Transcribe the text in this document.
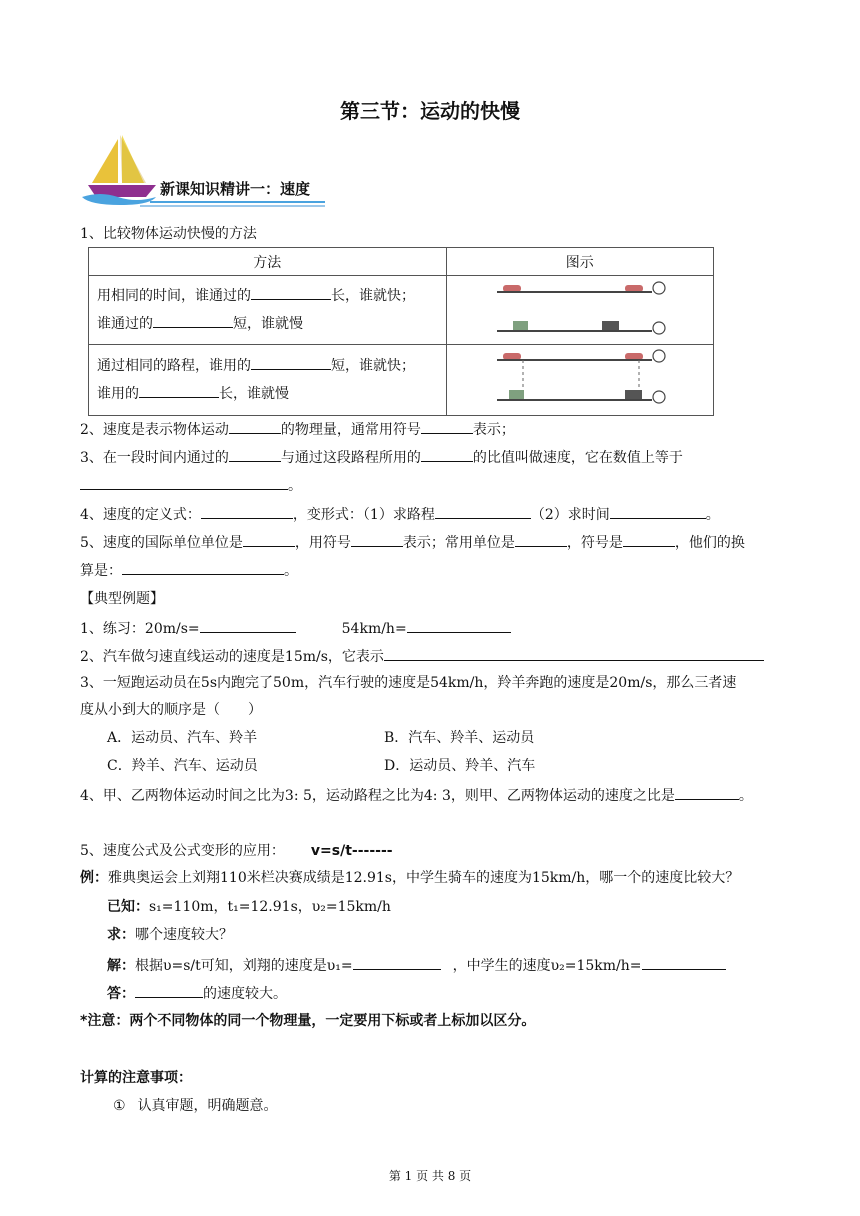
第三节：运动的快慢
新课知识精讲一：速度
1、比较物体运动快慢的方法
方法	图示
用相同的时间，谁通过的 长，谁就快；
谁通过的 短，谁就慢	
通过相同的路程，谁用的 短，谁就快；
谁用的 长，谁就慢	
2、速度是表示物体运动	的物理量，通常用符号	表示；
3、在一段时间内通过的	与通过这段路程所用的	的比值叫做速度，它在数值上等于
。
4、速度的定义式：	，变形式：（1）求路程	（2）求时间	。
5、速度的国际单位单位是	，用符号	表示；常用单位是	，符号是	，他们的换
算是：	。
【典型例题】
1、练习：20m/s=	54km/h=
2、汽车做匀速直线运动的速度是15m/s，它表示
3、一短跑运动员在5s内跑完了50m，汽车行驶的速度是54km/h，羚羊奔跑的速度是20m/s，那么三者速
度从小到大的顺序是（　　）
A．运动员、汽车、羚羊	B．汽车、羚羊、运动员
C．羚羊、汽车、运动员	D．运动员、羚羊、汽车
4、甲、乙两物体运动时间之比为3: 5，运动路程之比为4: 3，则甲、乙两物体运动的速度之比是	。
5、速度公式及公式变形的应用： v=s/t-------
例：雅典奥运会上刘翔110米栏决赛成绩是12.91s，中学生骑车的速度为15km/h，哪一个的速度比较大？
已知：s₁=110m，t₁=12.91s，υ₂=15km/h
求：哪个速度较大？
解：根据υ=s/t可知，刘翔的速度是υ₁=	，中学生的速度υ₂=15km/h=
答：	的速度较大。
*注意：两个不同物体的同一个物理量，一定要用下标或者上标加以区分。
计算的注意事项：
① 认真审题，明确题意。
第 1 页 共 8 页
